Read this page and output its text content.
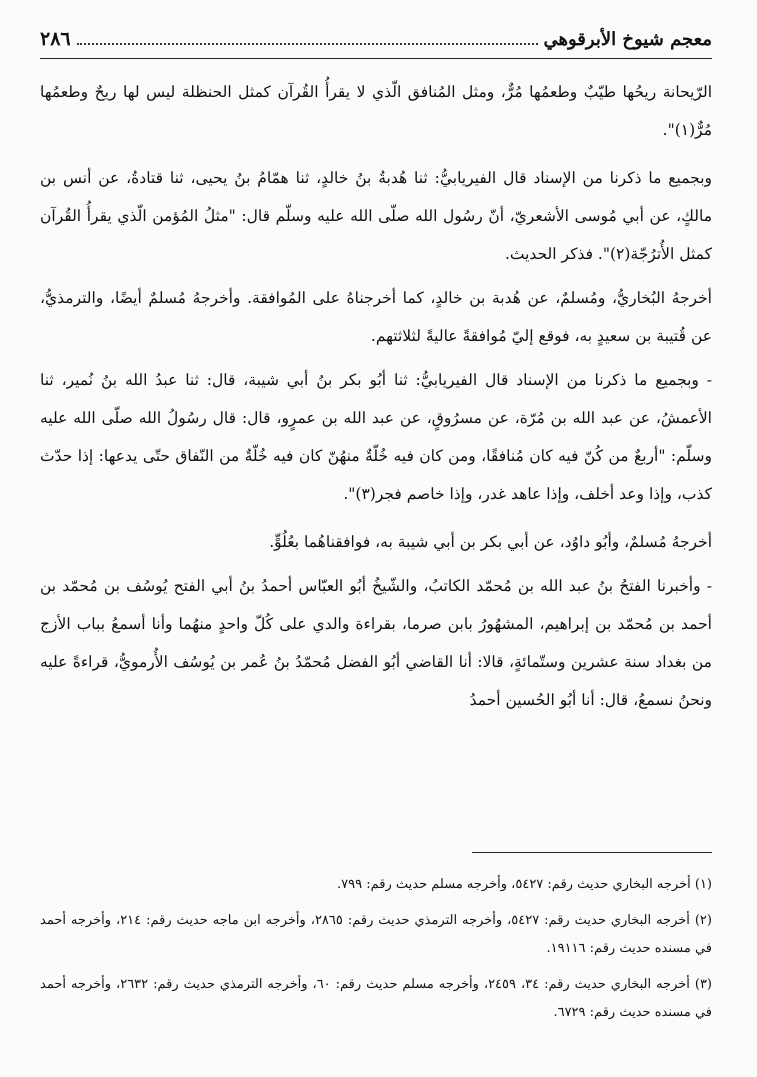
معجم شيوخ الأبرقوهي
٢٨٦

الرّيحانة ريحُها طيّبٌ وطعمُها مُرٌّ، ومثل المُنافق الّذي لا يقرأُ القُرآن كمثل الحنظلة ليس لها ريحٌ وطعمُها مُرٌّ(١)".

وبجميع ما ذكرنا من الإسناد قال الفيريابيُّ: ثنا هُدبةُ بنُ خالدٍ، ثنا همّامُ بنُ يحيى، ثنا قتادةُ، عن أنس بن مالكٍ، عن أبي مُوسى الأشعريّ، أنّ رسُول الله صلّى الله عليه وسلّم قال: "مثلُ المُؤمن الّذي يقرأُ القُرآن كمثل الأُترُجّة(٢)". فذكر الحديث.

أخرجهُ البُخاريُّ، ومُسلمٌ، عن هُدبة بن خالدٍ، كما أخرجناهُ على المُوافقة. وأخرجهُ مُسلمٌ أيضًا، والترمذيُّ، عن قُتيبة بن سعيدٍ به، فوقع إليّ مُوافقةً عاليةً لثلاثتهم.

- وبجميع ما ذكرنا من الإسناد قال الفيريابيُّ: ثنا أبُو بكر بنُ أبي شيبة، قال: ثنا عبدُ الله بنُ نُمير، ثنا الأعمشُ، عن عبد الله بن مُرّة، عن مسرُوقٍ، عن عبد الله بن عمرٍو، قال: قال رسُولُ الله صلّى الله عليه وسلّم: "أربعٌ من كُنّ فيه كان مُنافقًا، ومن كان فيه خُلّةٌ منهُنّ كان فيه خُلّةٌ من النّفاق حتّى يدعها: إذا حدّث كذب، وإذا وعد أخلف، وإذا عاهد غدر، وإذا خاصم فجر(٣)".

أخرجهُ مُسلمٌ، وأبُو داوُد، عن أبي بكر بن أبي شيبة به، فوافقناهُما بعُلُوٍّ.

- وأخبرنا الفتحُ بنُ عبد الله بن مُحمّد الكاتبُ، والشّيخُ أبُو العبّاس أحمدُ بنُ أبي الفتح يُوسُف بن مُحمّد بن أحمد بن مُحمّد بن إبراهيم، المشهُورُ بابن صرما، بقراءة والدي على كُلّ واحدٍ منهُما وأنا أسمعُ بباب الأزج من بغداد سنة عشرين وستّمائةٍ، قالا: أنا القاضي أبُو الفضل مُحمّدُ بنُ عُمر بن يُوسُف الأُرمويُّ، قراءةً عليه ونحنُ نسمعُ، قال: أنا أبُو الحُسين أحمدُ

(١) أخرجه البخاري حديث رقم: ٥٤٢٧، وأخرجه مسلم حديث رقم: ٧٩٩.

(٢) أخرجه البخاري حديث رقم: ٥٤٢٧، وأخرجه الترمذي حديث رقم: ٢٨٦٥، وأخرجه ابن ماجه حديث رقم: ٢١٤، وأخرجه أحمد في مسنده حديث رقم: ١٩١١٦.

(٣) أخرجه البخاري حديث رقم: ٣٤، ٢٤٥٩، وأخرجه مسلم حديث رقم: ٦٠، وأخرجه الترمذي حديث رقم: ٢٦٣٢، وأخرجه أحمد في مسنده حديث رقم: ٦٧٢٩.
